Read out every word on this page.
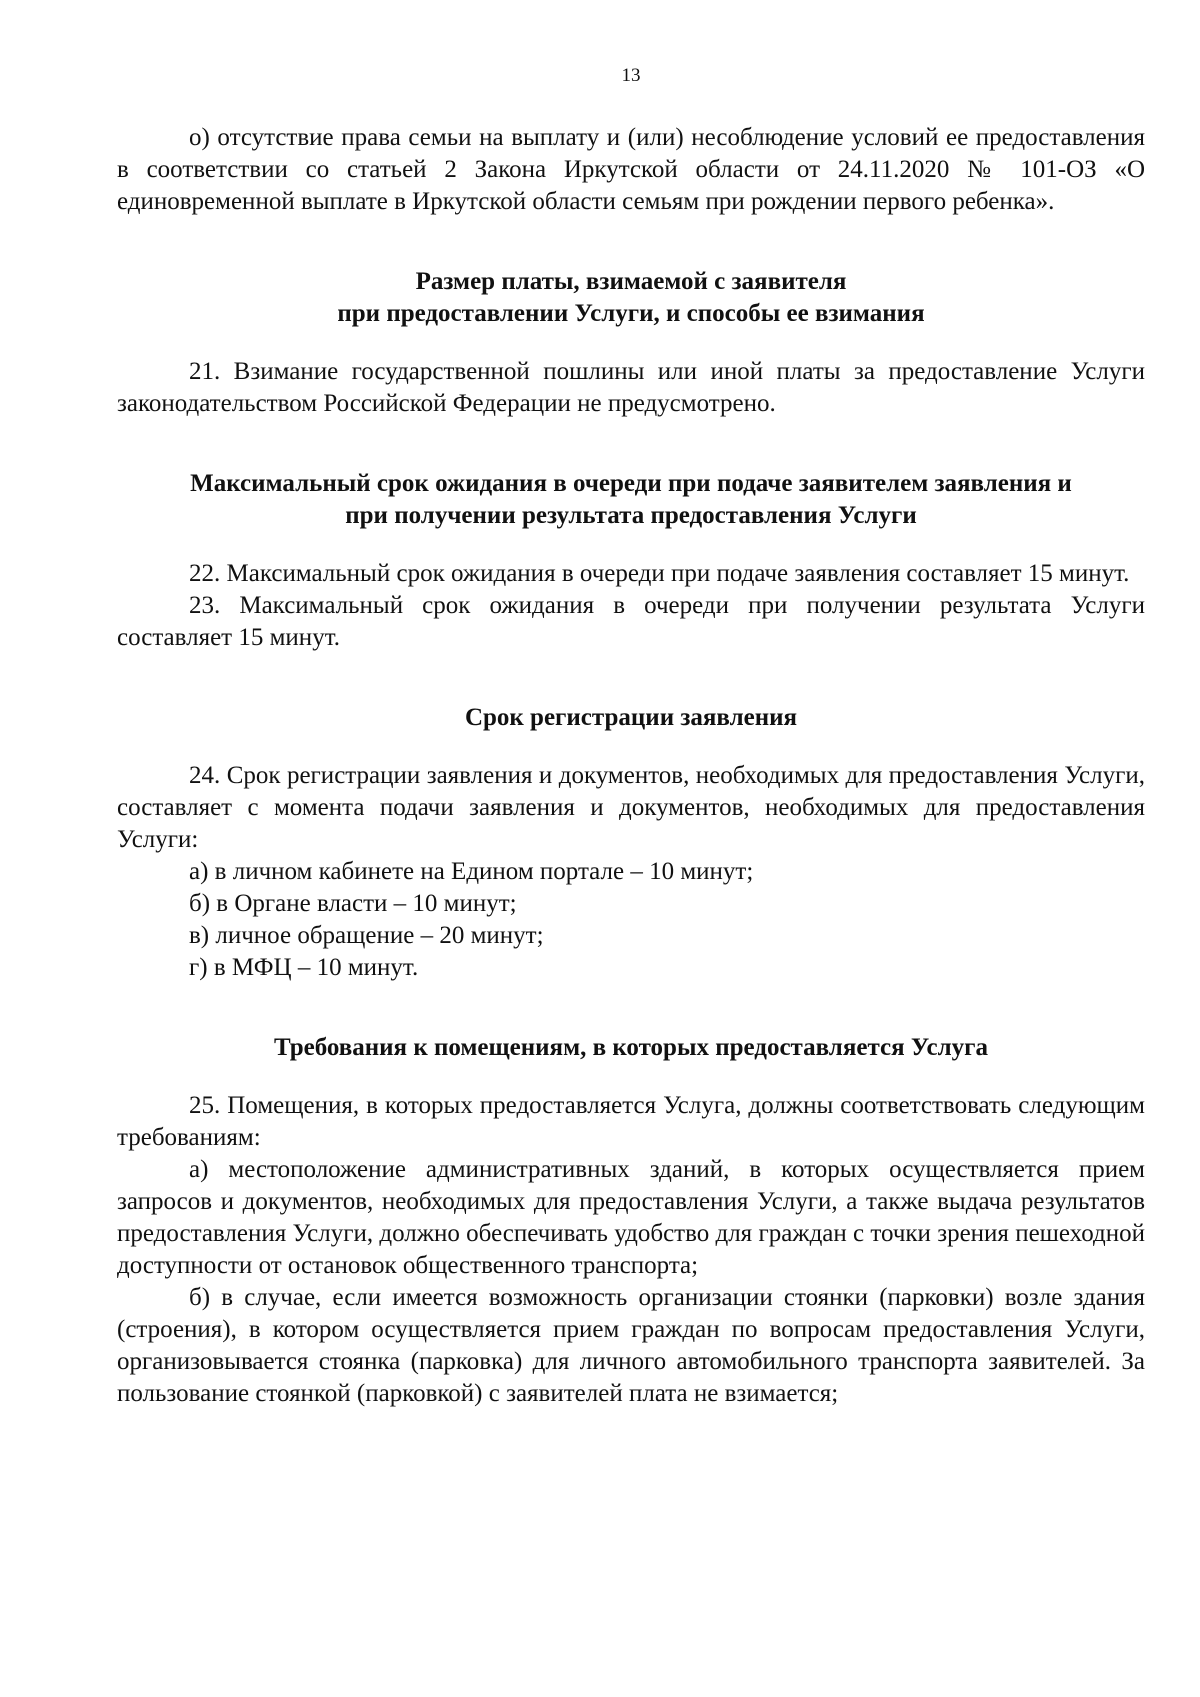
13

о) отсутствие права семьи на выплату и (или) несоблюдение условий ее предоставления в соответствии со статьей 2 Закона Иркутской области от 24.11.2020 № 101-ОЗ «О единовременной выплате в Иркутской области семьям при рождении первого ребенка».

Размер платы, взимаемой с заявителя
при предоставлении Услуги, и способы ее взимания

21. Взимание государственной пошлины или иной платы за предоставление Услуги законодательством Российской Федерации не предусмотрено.

Максимальный срок ожидания в очереди при подаче заявителем заявления и
при получении результата предоставления Услуги

22. Максимальный срок ожидания в очереди при подаче заявления составляет 15 минут.

23. Максимальный срок ожидания в очереди при получении результата Услуги составляет 15 минут.

Срок регистрации заявления

24. Срок регистрации заявления и документов, необходимых для предоставления Услуги, составляет с момента подачи заявления и документов, необходимых для предоставления Услуги:

а) в личном кабинете на Едином портале – 10 минут;

б) в Органе власти – 10 минут;

в) личное обращение – 20 минут;

г) в МФЦ – 10 минут.

Требования к помещениям, в которых предоставляется Услуга

25. Помещения, в которых предоставляется Услуга, должны соответствовать следующим требованиям:

а) местоположение административных зданий, в которых осуществляется прием запросов и документов, необходимых для предоставления Услуги, а также выдача результатов предоставления Услуги, должно обеспечивать удобство для граждан с точки зрения пешеходной доступности от остановок общественного транспорта;

б) в случае, если имеется возможность организации стоянки (парковки) возле здания (строения), в котором осуществляется прием граждан по вопросам предоставления Услуги, организовывается стоянка (парковка) для личного автомобильного транспорта заявителей. За пользование стоянкой (парковкой) с заявителей плата не взимается;
